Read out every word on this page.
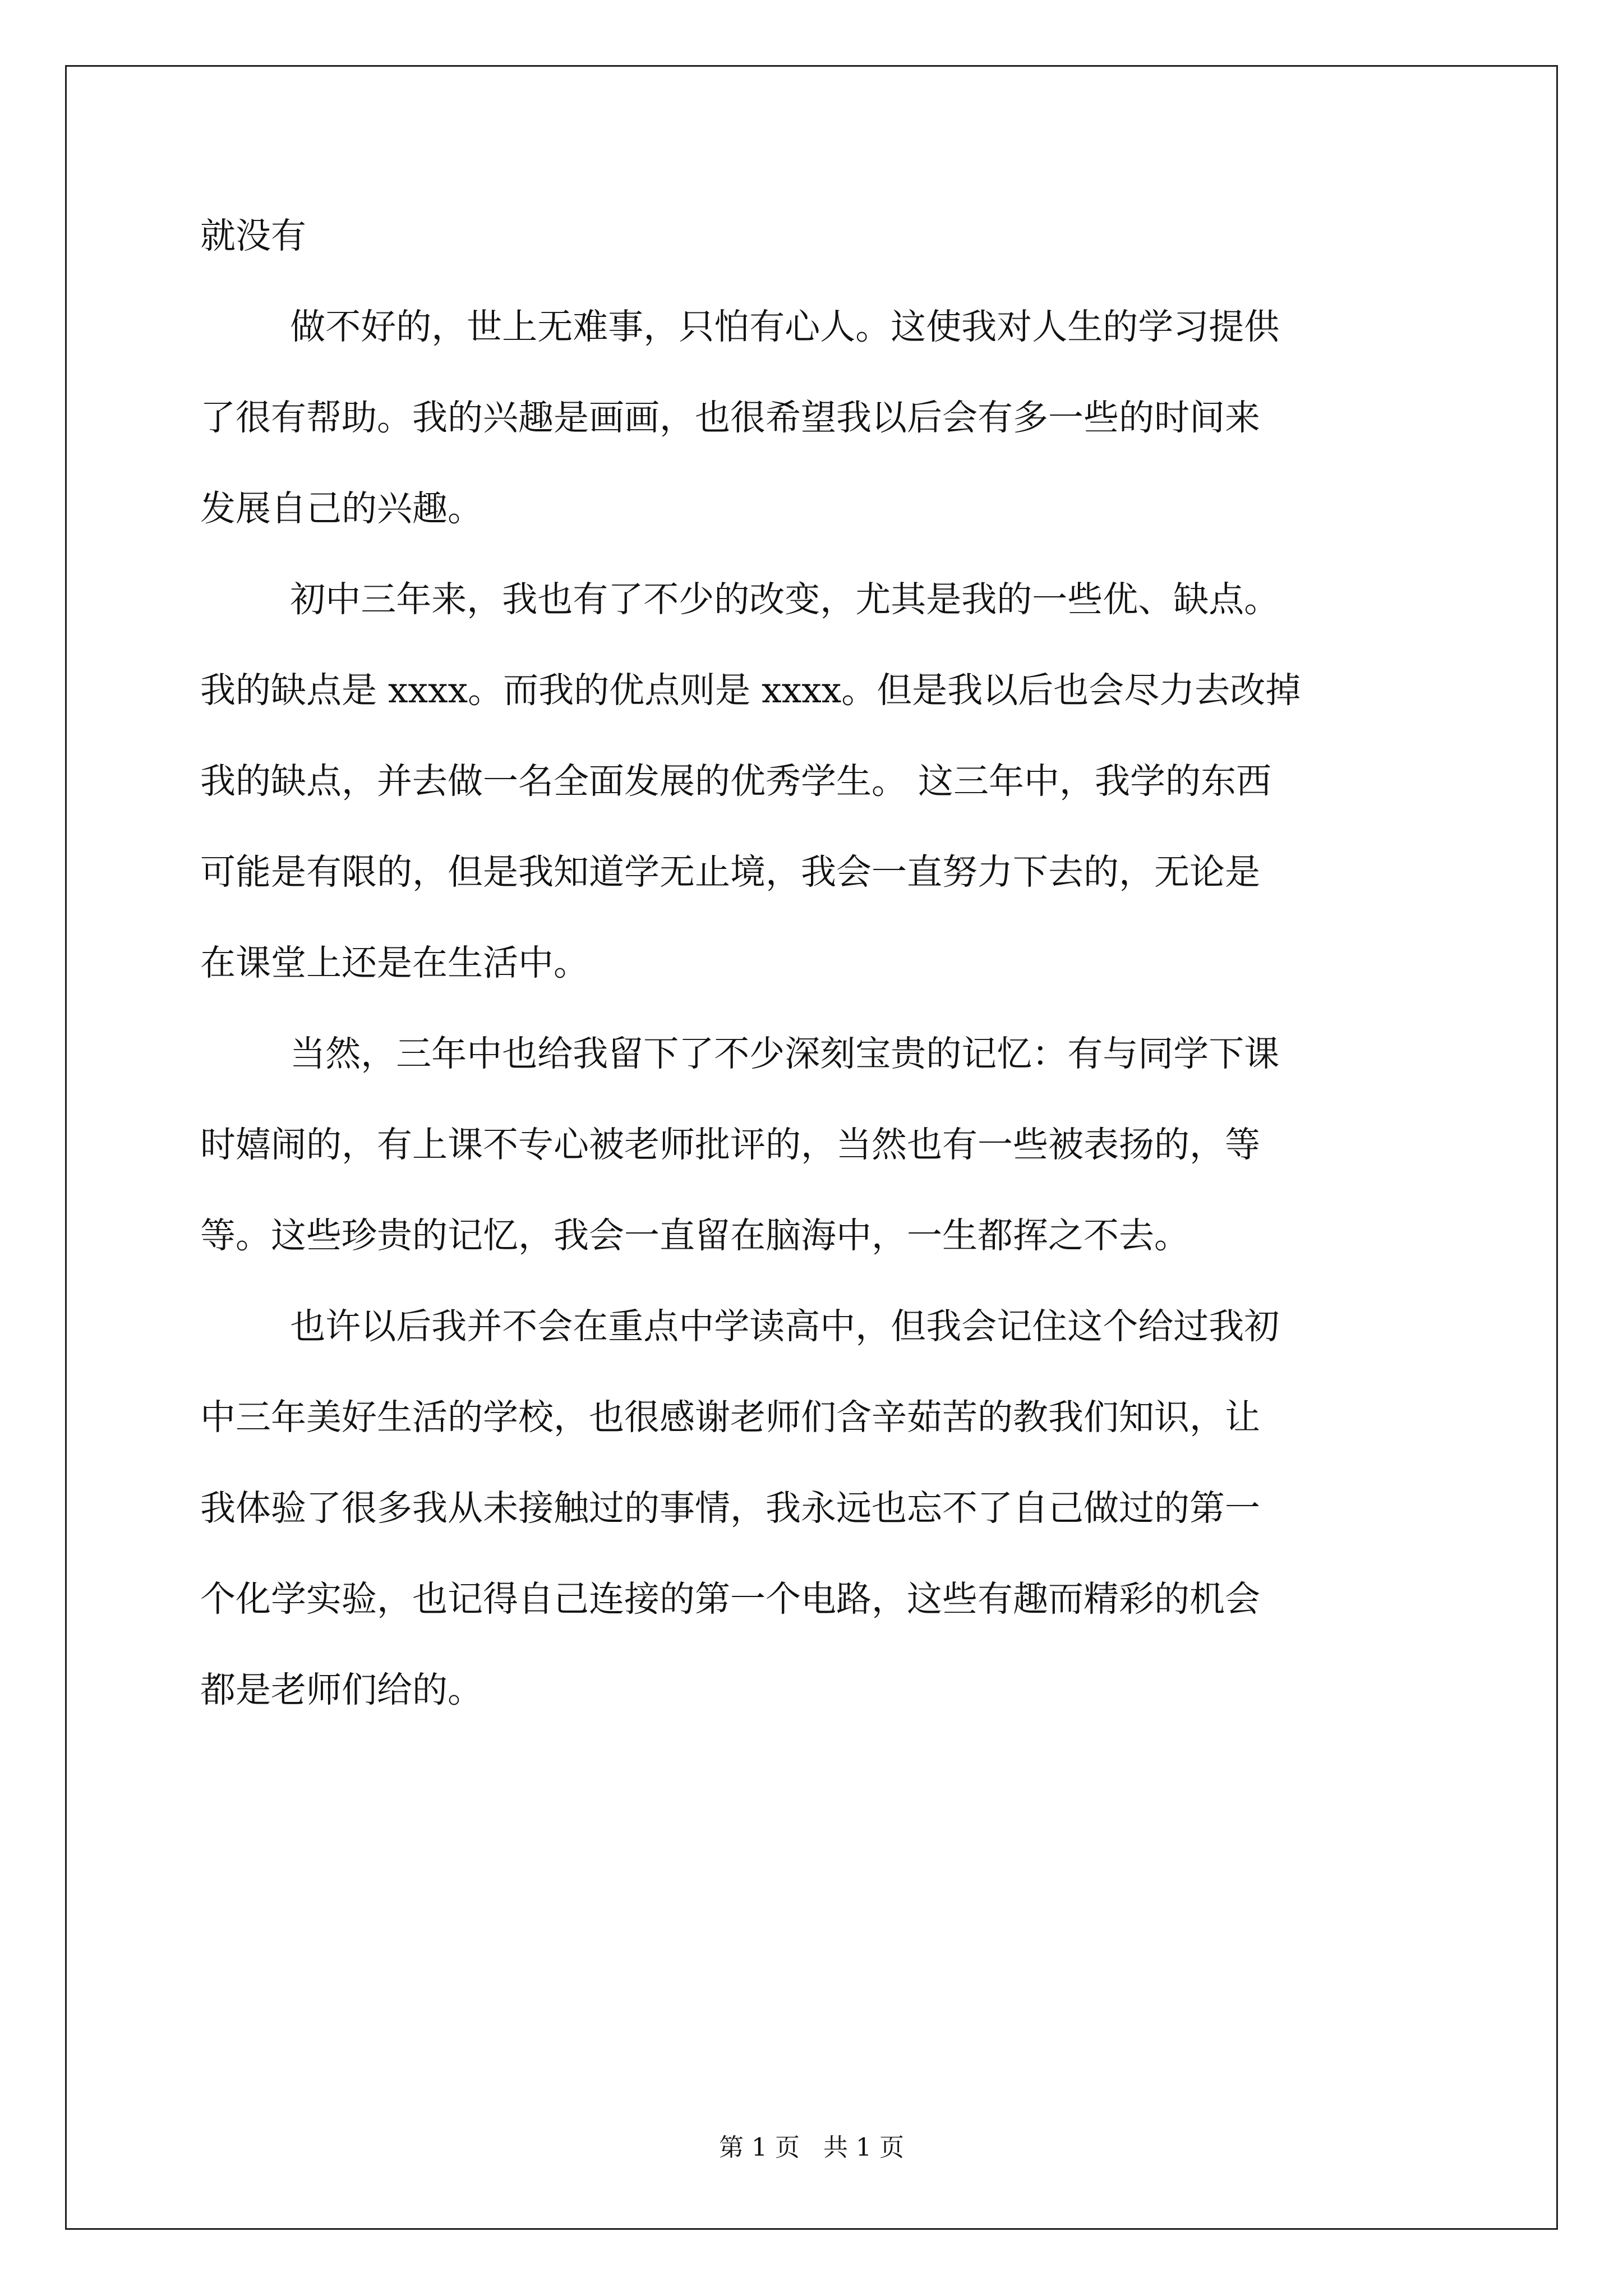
就没有
做不好的，世上无难事，只怕有心人。这使我对人生的学习提供
了很有帮助。我的兴趣是画画，也很希望我以后会有多一些的时间来
发展自己的兴趣。
初中三年来，我也有了不少的改变，尤其是我的一些优、缺点。
我的缺点是 xxxx。而我的优点则是 xxxx。但是我以后也会尽力去改掉
我的缺点，并去做一名全面发展的优秀学生。 这三年中，我学的东西
可能是有限的，但是我知道学无止境，我会一直努力下去的，无论是
在课堂上还是在生活中。
当然，三年中也给我留下了不少深刻宝贵的记忆：有与同学下课
时嬉闹的，有上课不专心被老师批评的，当然也有一些被表扬的，等
等。这些珍贵的记忆，我会一直留在脑海中，一生都挥之不去。
也许以后我并不会在重点中学读高中，但我会记住这个给过我初
中三年美好生活的学校，也很感谢老师们含辛茹苦的教我们知识，让
我体验了很多我从未接触过的事情，我永远也忘不了自己做过的第一
个化学实验，也记得自己连接的第一个电路，这些有趣而精彩的机会
都是老师们给的。
第 1 页   共 1 页
